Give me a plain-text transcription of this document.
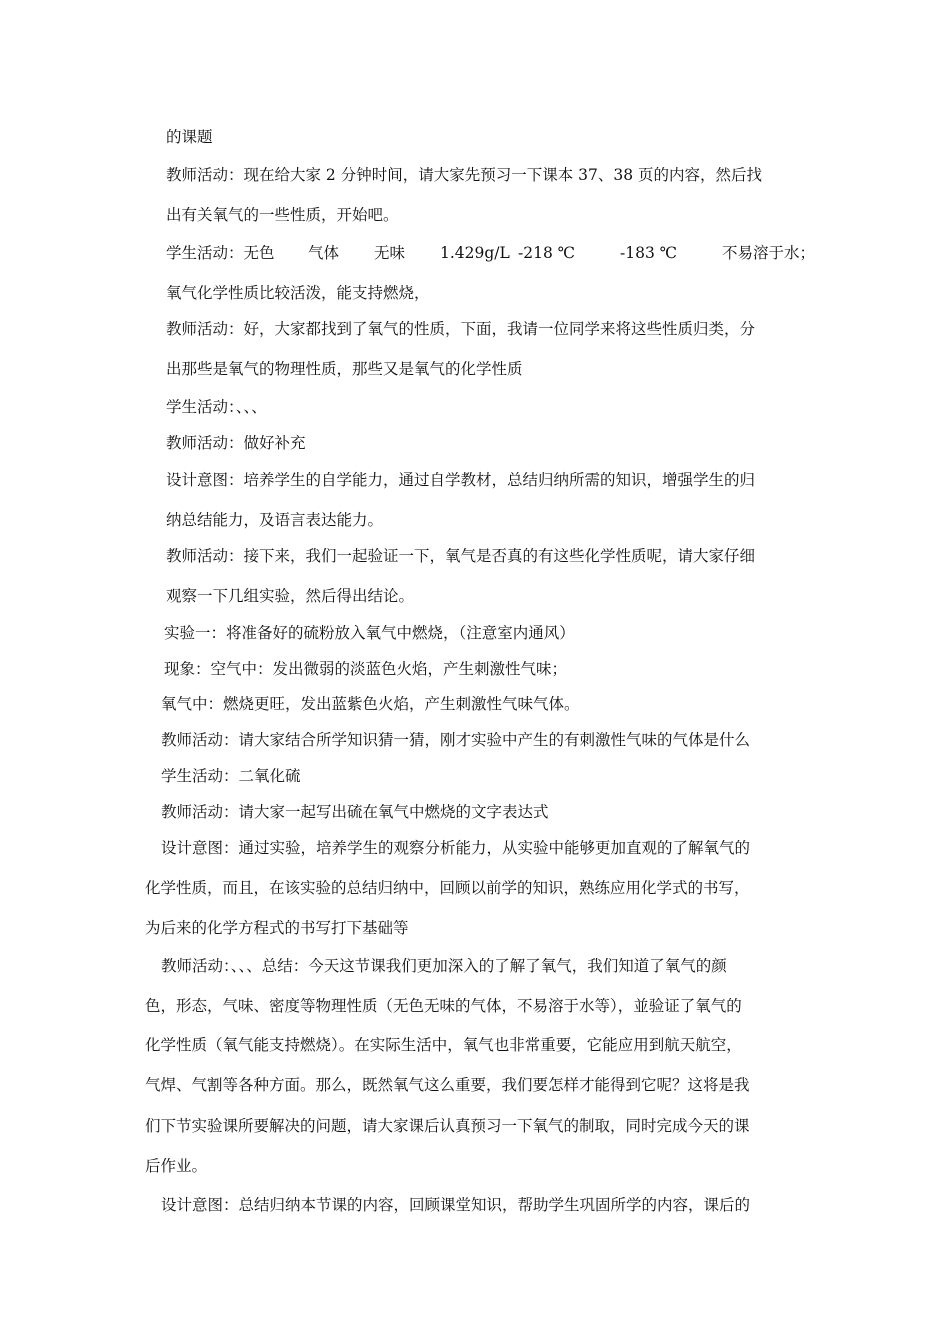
的课题
教师活动：现在给大家 2 分钟时间，请大家先预习一下课本 37、38 页的内容，然后找
出有关氧气的一些性质，开始吧。
学生活动：无色 气体 无味 1.429g/L -218 ℃	-183 ℃	不易溶于水；
氧气化学性质比较活泼，能支持燃烧，
教师活动：好，大家都找到了氧气的性质，下面，我请一位同学来将这些性质归类，分
出那些是氧气的物理性质，那些又是氧气的化学性质
学生活动：、、、
教师活动：做好补充
设计意图：培养学生的自学能力，通过自学教材，总结归纳所需的知识，增强学生的归
纳总结能力，及语言表达能力。
教师活动：接下来，我们一起验证一下，氧气是否真的有这些化学性质呢，请大家仔细
观察一下几组实验，然后得出结论。
实验一：将准备好的硫粉放入氧气中燃烧，（注意室内通风）
现象：空气中：发出微弱的淡蓝色火焰，产生刺激性气味；
氧气中：燃烧更旺，发出蓝紫色火焰，产生刺激性气味气体。
教师活动：请大家结合所学知识猜一猜，刚才实验中产生的有刺激性气味的气体是什么
学生活动：二氧化硫
教师活动：请大家一起写出硫在氧气中燃烧的文字表达式
设计意图：通过实验，培养学生的观察分析能力，从实验中能够更加直观的了解氧气的
化学性质，而且，在该实验的总结归纳中，回顾以前学的知识，熟练应用化学式的书写，
为后来的化学方程式的书写打下基础等
教师活动：、、、总结：今天这节课我们更加深入的了解了氧气，我们知道了氧气的颜
色，形态，气味、密度等物理性质（无色无味的气体，不易溶于水等），並验证了氧气的
化学性质（氧气能支持燃烧）。在实际生活中，氧气也非常重要，它能应用到航天航空，
气焊、气割等各种方面。那么，既然氧气这么重要，我们要怎样才能得到它呢？这将是我
们下节实验课所要解决的问题，请大家课后认真预习一下氧气的制取，同时完成今天的课
后作业。
设计意图：总结归纳本节课的内容，回顾课堂知识，帮助学生巩固所学的内容，课后的
